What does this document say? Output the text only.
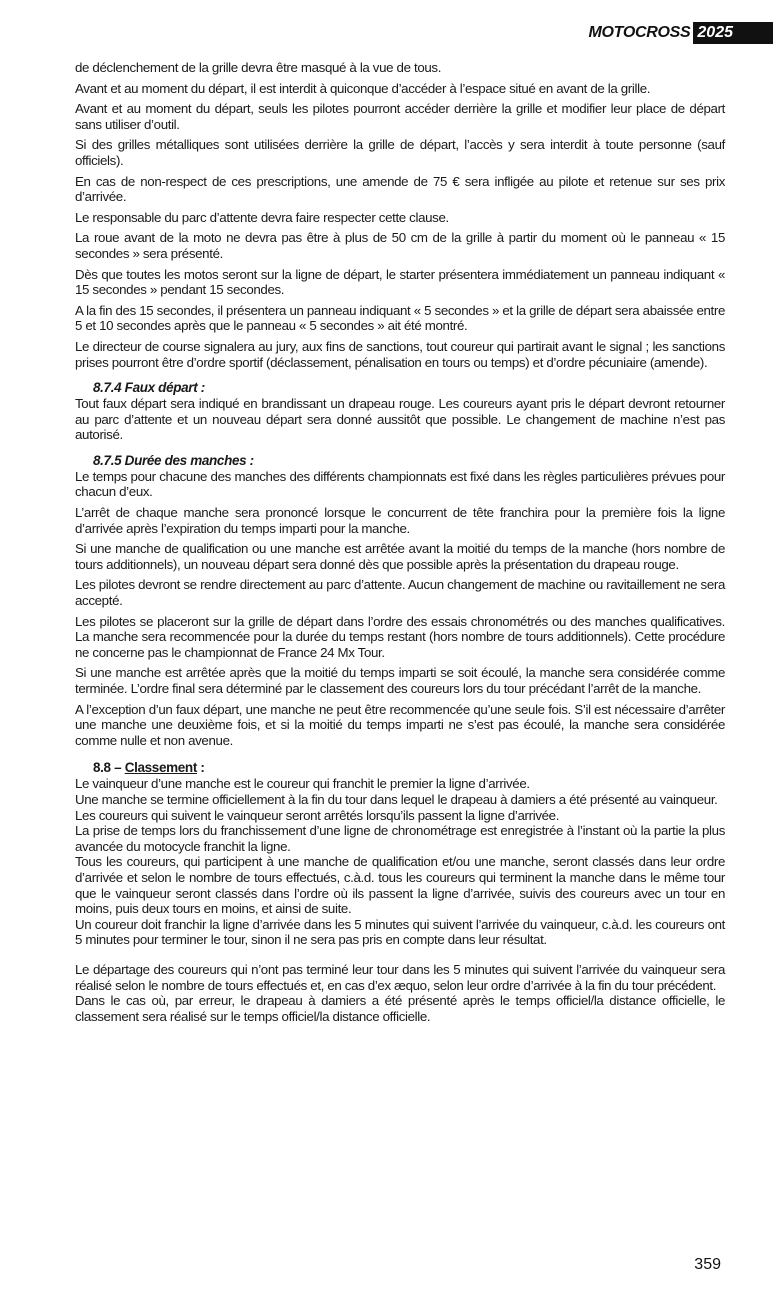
MOTOCROSS 2025

de déclenchement de la grille devra être masqué à la vue de tous.

Avant et au moment du départ, il est interdit à quiconque d’accéder à l’espace situé en avant de la grille.

Avant et au moment du départ, seuls les pilotes pourront accéder derrière la grille et modifier leur place de départ sans utiliser d’outil.

Si des grilles métalliques sont utilisées derrière la grille de départ, l’accès y sera interdit à toute personne (sauf officiels).

En cas de non-respect de ces prescriptions, une amende de 75 € sera infligée au pilote et retenue sur ses prix d’arrivée.

Le responsable du parc d’attente devra faire respecter cette clause.

La roue avant de la moto ne devra pas être à plus de 50 cm de la grille à partir du moment où le panneau « 15 secondes » sera présenté.

Dès que toutes les motos seront sur la ligne de départ, le starter présentera immédiatement un panneau indiquant « 15 secondes » pendant 15 secondes.

A la fin des 15 secondes, il présentera un panneau indiquant « 5 secondes » et la grille de départ sera abaissée entre 5 et 10 secondes après que le panneau « 5 secondes » ait été montré.

Le directeur de course signalera au jury, aux fins de sanctions, tout coureur qui partirait avant le signal ; les sanctions prises pourront être d’ordre sportif (déclassement, pénalisation en tours ou temps) et d’ordre pécuniaire (amende).

8.7.4 Faux départ :

Tout faux départ sera indiqué en brandissant un drapeau rouge. Les coureurs ayant pris le départ devront retourner au parc d’attente et un nouveau départ sera donné aussitôt que possible. Le changement de machine n’est pas autorisé.

8.7.5 Durée des manches :

Le temps pour chacune des manches des différents championnats est fixé dans les règles particulières prévues pour chacun d’eux.

L’arrêt de chaque manche sera prononcé lorsque le concurrent de tête franchira pour la première fois la ligne d’arrivée après l’expiration du temps imparti pour la manche.

Si une manche de qualification ou une manche est arrêtée avant la moitié du temps de la manche (hors nombre de tours additionnels), un nouveau départ sera donné dès que possible après la présentation du drapeau rouge.

Les pilotes devront se rendre directement au parc d’attente. Aucun changement de machine ou ravitaillement ne sera accepté.

Les pilotes se placeront sur la grille de départ dans l’ordre des essais chronométrés ou des manches qualificatives. La manche sera recommencée pour la durée du temps restant (hors nombre de tours additionnels). Cette procédure ne concerne pas le championnat de France 24 Mx Tour.

Si une manche est arrêtée après que la moitié du temps imparti se soit écoulé, la manche sera considérée comme terminée. L’ordre final sera déterminé par le classement des coureurs lors du tour précédant l’arrêt de la manche.

A l’exception d’un faux départ, une manche ne peut être recommencée qu’une seule fois. S’il est nécessaire d’arrêter une manche une deuxième fois, et si la moitié du temps imparti ne s’est pas écoulé, la manche sera considérée comme nulle et non avenue.

8.8 – Classement :

Le vainqueur d’une manche est le coureur qui franchit le premier la ligne d’arrivée.

Une manche se termine officiellement à la fin du tour dans lequel le drapeau à damiers a été présenté au vainqueur.

Les coureurs qui suivent le vainqueur seront arrêtés lorsqu’ils passent la ligne d’arrivée.

La prise de temps lors du franchissement d’une ligne de chronométrage est enregistrée à l’instant où la partie la plus avancée du motocycle franchit la ligne.

Tous les coureurs, qui participent à une manche de qualification et/ou une manche, seront classés dans leur ordre d’arrivée et selon le nombre de tours effectués, c.à.d. tous les coureurs qui terminent la manche dans le même tour que le vainqueur seront classés dans l’ordre où ils passent la ligne d’arrivée, suivis des coureurs avec un tour en moins, puis deux tours en moins, et ainsi de suite.

Un coureur doit franchir la ligne d’arrivée dans les 5 minutes qui suivent l’arrivée du vainqueur, c.à.d. les coureurs ont 5 minutes pour terminer le tour, sinon il ne sera pas pris en compte dans leur résultat.

Le départage des coureurs qui n’ont pas terminé leur tour dans les 5 minutes qui suivent l’arrivée du vainqueur sera réalisé selon le nombre de tours effectués et, en cas d’ex æquo, selon leur ordre d’arrivée à la fin du tour précédent.

Dans le cas où, par erreur, le drapeau à damiers a été présenté après le temps officiel/la distance officielle, le classement sera réalisé sur le temps officiel/la distance officielle.

359
